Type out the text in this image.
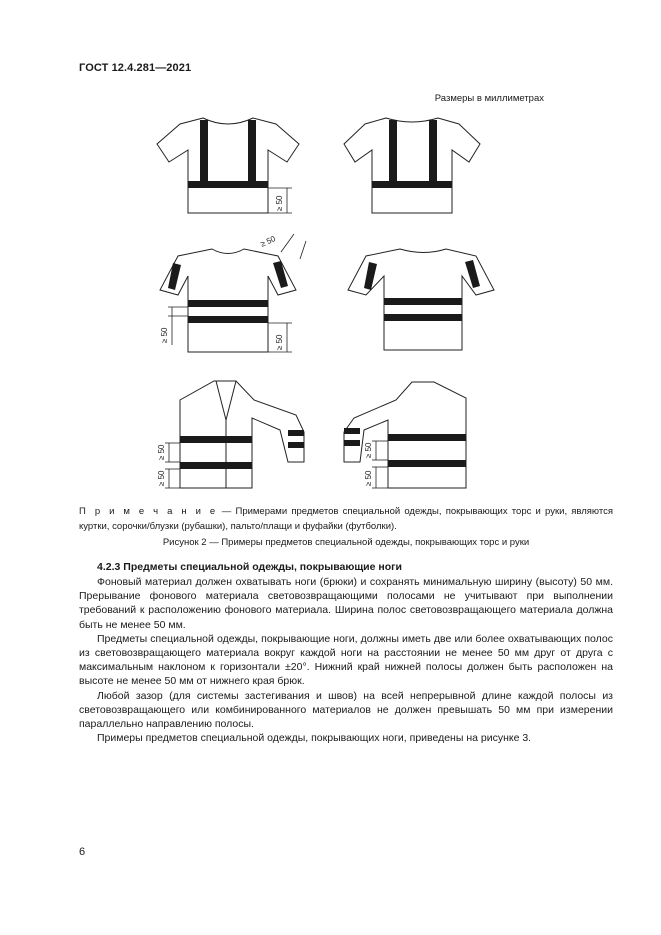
ГОСТ 12.4.281—2021
Размеры в миллиметрах
≥ 50
≥ 50
≥ 50	≥ 50
≥ 50
≥ 50
≥ 50
≥ 50
П р и м е ч а н и е — Примерами предметов специальной одежды, покрывающих торс и руки, являются куртки, сорочки/блузки (рубашки), пальто/плащи и фуфайки (футболки).
Рисунок 2 — Примеры предметов специальной одежды, покрывающих торс и руки
4.2.3 Предметы специальной одежды, покрывающие ноги

Фоновый материал должен охватывать ноги (брюки) и сохранять минимальную ширину (высоту) 50 мм. Прерывание фонового материала световозвращающими полосами не учитывают при выполнении требований к расположению фонового материала. Ширина полос световозвращающего материала должна быть не менее 50 мм.

Предметы специальной одежды, покрывающие ноги, должны иметь две или более охватывающих полос из световозвращающего материала вокруг каждой ноги на расстоянии не менее 50 мм друг от друга с максимальным наклоном к горизонтали ±20°. Нижний край нижней полосы должен быть расположен на высоте не менее 50 мм от нижнего края брюк.

Любой зазор (для системы застегивания и швов) на всей непрерывной длине каждой полосы из световозвращающего или комбинированного материалов не должен превышать 50 мм при измерении параллельно направлению полосы.

Примеры предметов специальной одежды, покрывающих ноги, приведены на рисунке 3.

6
